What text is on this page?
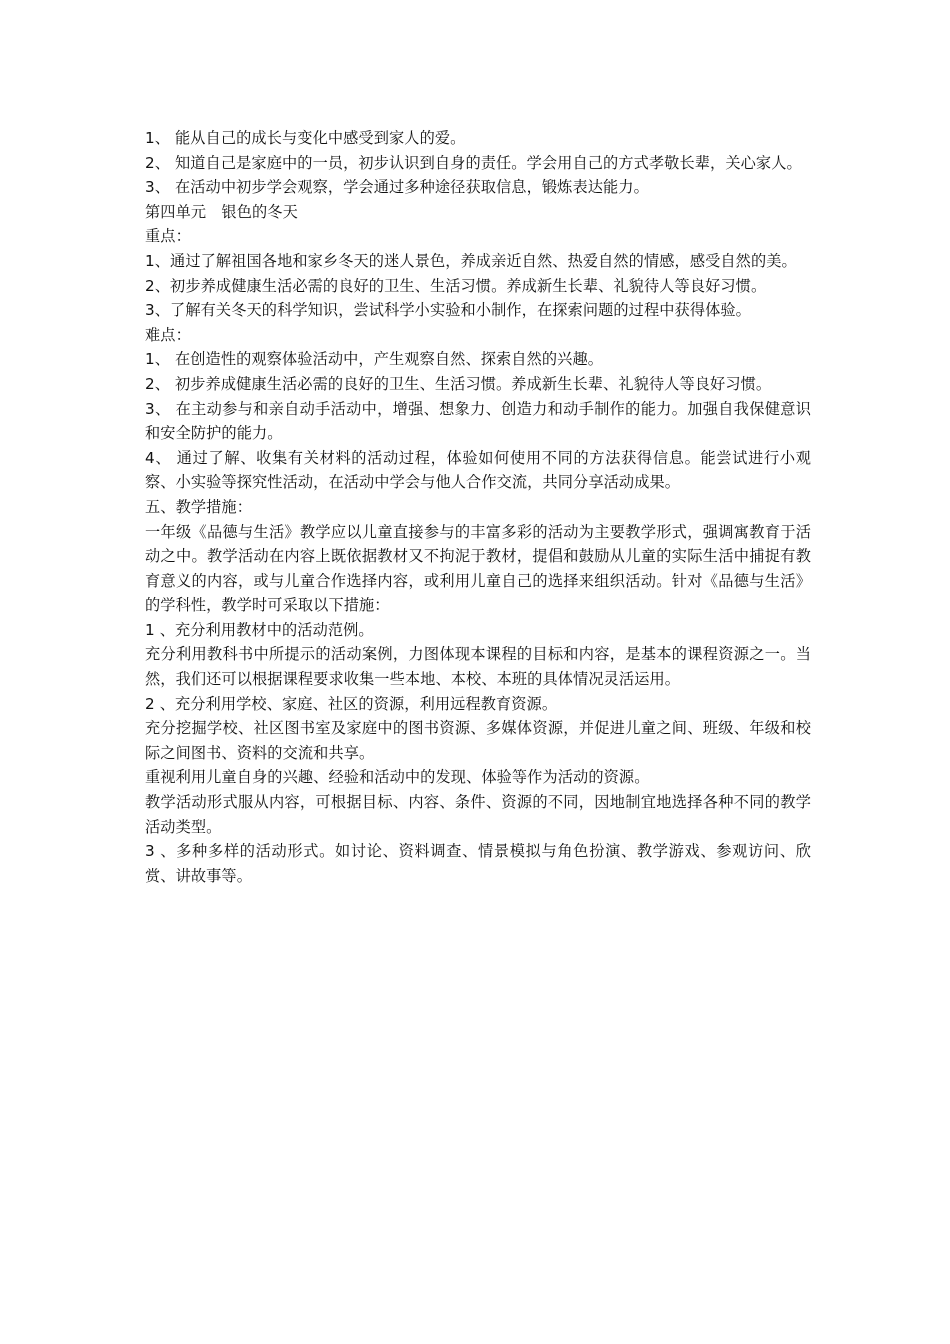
1、 能从自己的成长与变化中感受到家人的爱。

2、 知道自己是家庭中的一员，初步认识到自身的责任。学会用自己的方式孝敬长辈，关心家人。

3、 在活动中初步学会观察，学会通过多种途径获取信息，锻炼表达能力。

第四单元　银色的冬天

重点：

1、通过了解祖国各地和家乡冬天的迷人景色，养成亲近自然、热爱自然的情感，感受自然的美。

2、初步养成健康生活必需的良好的卫生、生活习惯。养成新生长辈、礼貌待人等良好习惯。

3、了解有关冬天的科学知识，尝试科学小实验和小制作，在探索问题的过程中获得体验。

难点：

1、 在创造性的观察体验活动中，产生观察自然、探索自然的兴趣。

2、 初步养成健康生活必需的良好的卫生、生活习惯。养成新生长辈、礼貌待人等良好习惯。

3、 在主动参与和亲自动手活动中，增强、想象力、创造力和动手制作的能力。加强自我保健意识和安全防护的能力。

4、 通过了解、收集有关材料的活动过程，体验如何使用不同的方法获得信息。能尝试进行小观察、小实验等探究性活动，在活动中学会与他人合作交流，共同分享活动成果。

五、教学措施：

一年级《品德与生活》教学应以儿童直接参与的丰富多彩的活动为主要教学形式，强调寓教育于活动之中。教学活动在内容上既依据教材又不拘泥于教材，提倡和鼓励从儿童的实际生活中捕捉有教育意义的内容，或与儿童合作选择内容，或利用儿童自己的选择来组织活动。针对《品德与生活》的学科性，教学时可采取以下措施：

1 、充分利用教材中的活动范例。

充分利用教科书中所提示的活动案例，力图体现本课程的目标和内容，是基本的课程资源之一。当然，我们还可以根据课程要求收集一些本地、本校、本班的具体情况灵活运用。

2 、充分利用学校、家庭、社区的资源，利用远程教育资源。

充分挖掘学校、社区图书室及家庭中的图书资源、多媒体资源，并促进儿童之间、班级、年级和校际之间图书、资料的交流和共享。

重视利用儿童自身的兴趣、经验和活动中的发现、体验等作为活动的资源。

教学活动形式服从内容，可根据目标、内容、条件、资源的不同，因地制宜地选择各种不同的教学活动类型。

3 、多种多样的活动形式。如讨论、资料调查、情景模拟与角色扮演、教学游戏、参观访问、欣赏、讲故事等。
